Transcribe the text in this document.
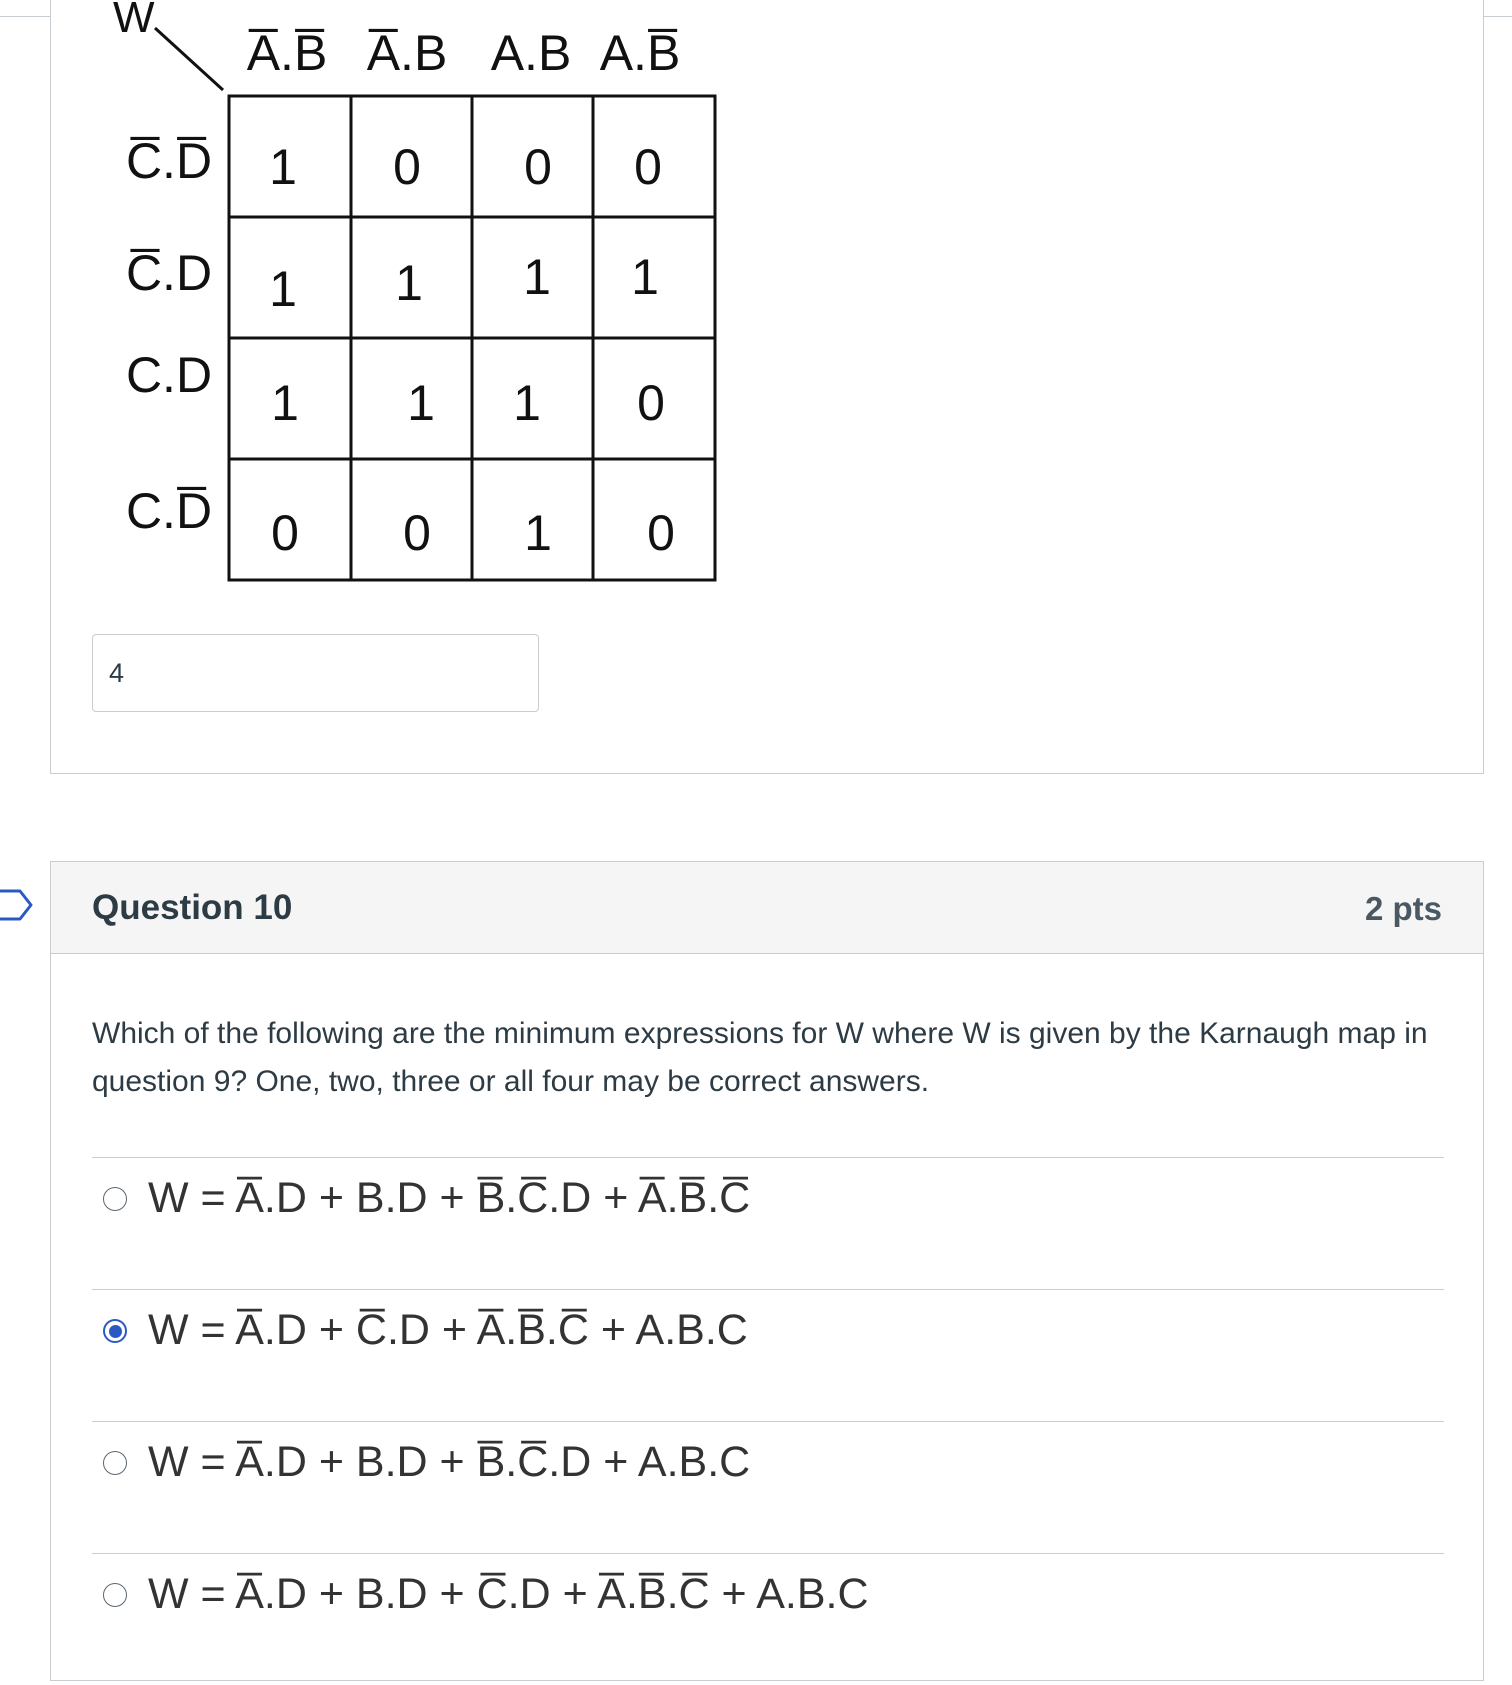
W
A̅.B̅ A̅.B A.B A.B̅
C̅.D̅
C̅.D
C.D
C.D̅
1 0 0 0
1 1 1 1
1 1 1 0
0 0 1 0
4
Question 10	2 pts
Which of the following are the minimum expressions for W where W is given by the Karnaugh map in question 9? One, two, three or all four may be correct answers.
W = A̅.D + B.D + B̅.C̅.D + A̅.B̅.C̅
W = A̅.D + C̅.D + A̅.B̅.C̅ + A.B.C
W = A̅.D + B.D + B̅.C̅.D + A.B.C
W = A̅.D + B.D + C̅.D + A̅.B̅.C̅ + A.B.C
